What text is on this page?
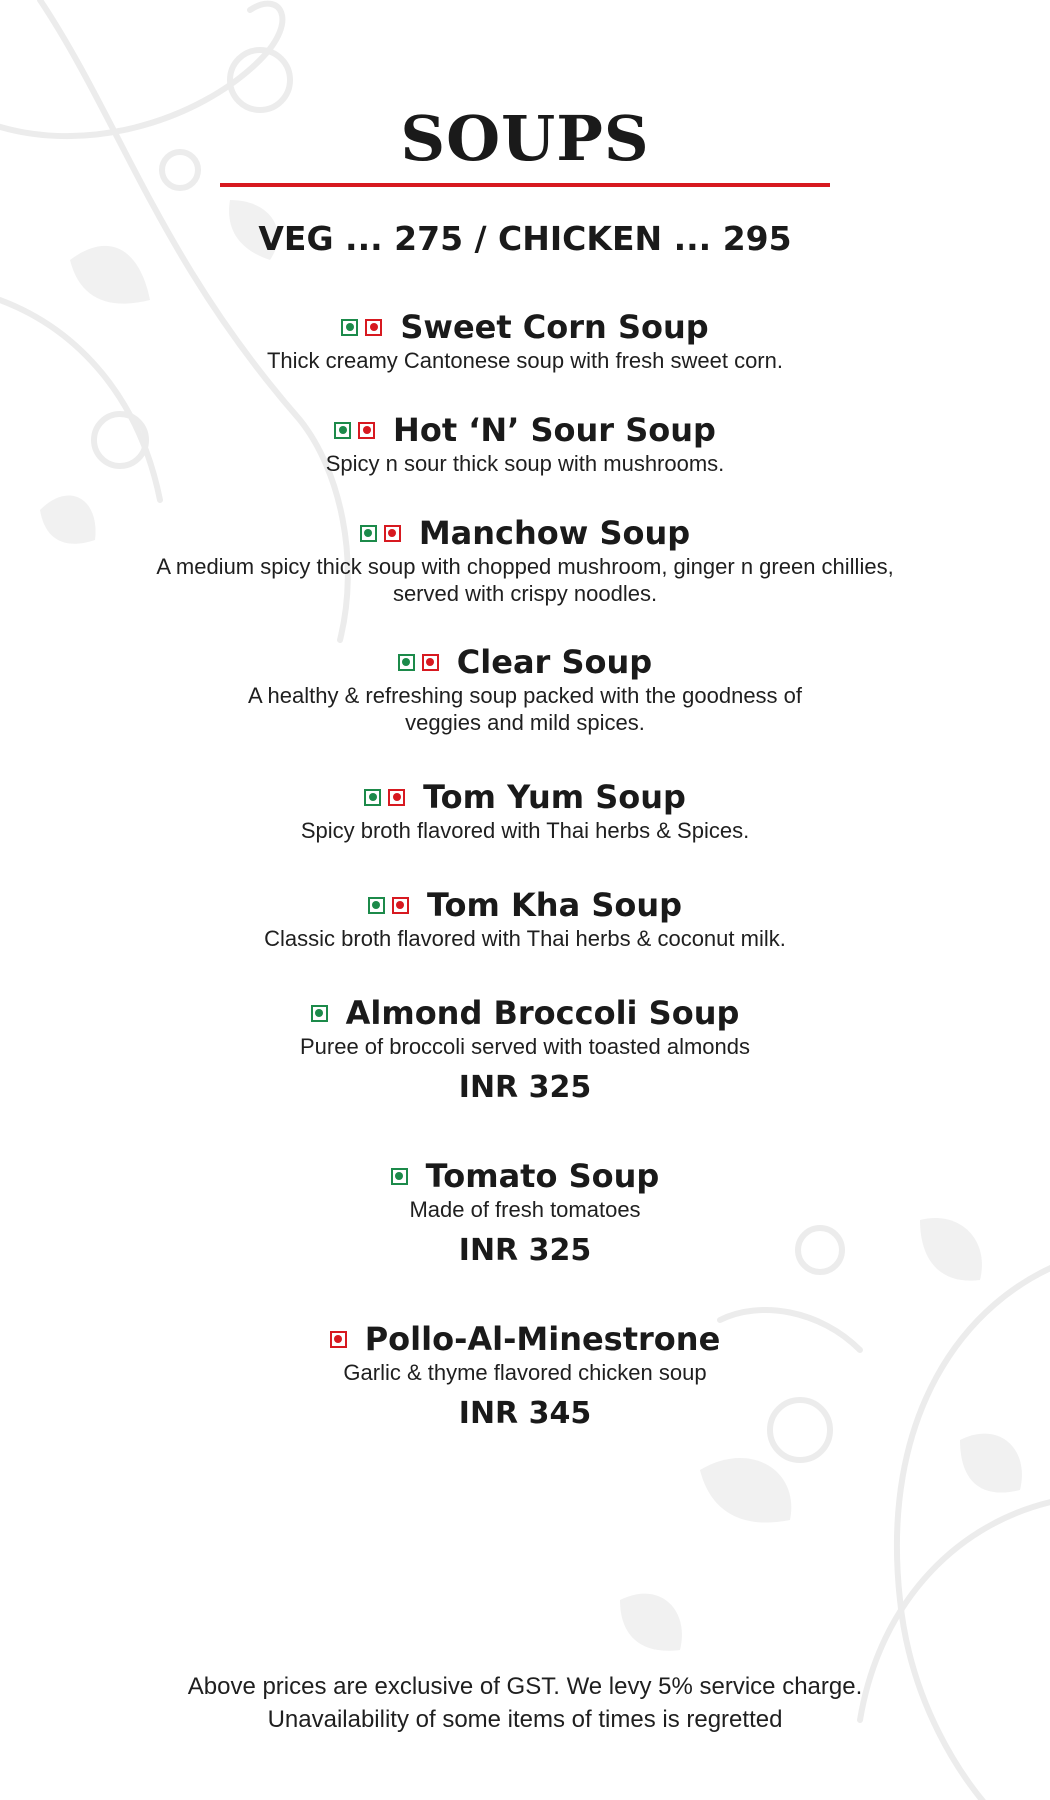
SOUPS
VEG ... 275 / CHICKEN ... 295
Sweet Corn Soup
Thick creamy Cantonese soup with fresh sweet corn.
Hot ‘N’ Sour Soup
Spicy n sour thick soup with mushrooms.
Manchow Soup
A medium spicy thick soup with chopped mushroom, ginger n green chillies,
served with crispy noodles.
Clear Soup
A healthy & refreshing soup packed with the goodness of
veggies and mild spices.
Tom Yum Soup
Spicy broth flavored with Thai herbs & Spices.
Tom Kha Soup
Classic broth flavored with Thai herbs & coconut milk.
Almond Broccoli Soup
Puree of broccoli served with toasted almonds
INR 325
Tomato Soup
Made of fresh tomatoes
INR 325
Pollo-Al-Minestrone
Garlic & thyme flavored chicken soup
INR 345
Above prices are exclusive of GST. We levy 5% service charge.
Unavailability of some items of times is regretted
